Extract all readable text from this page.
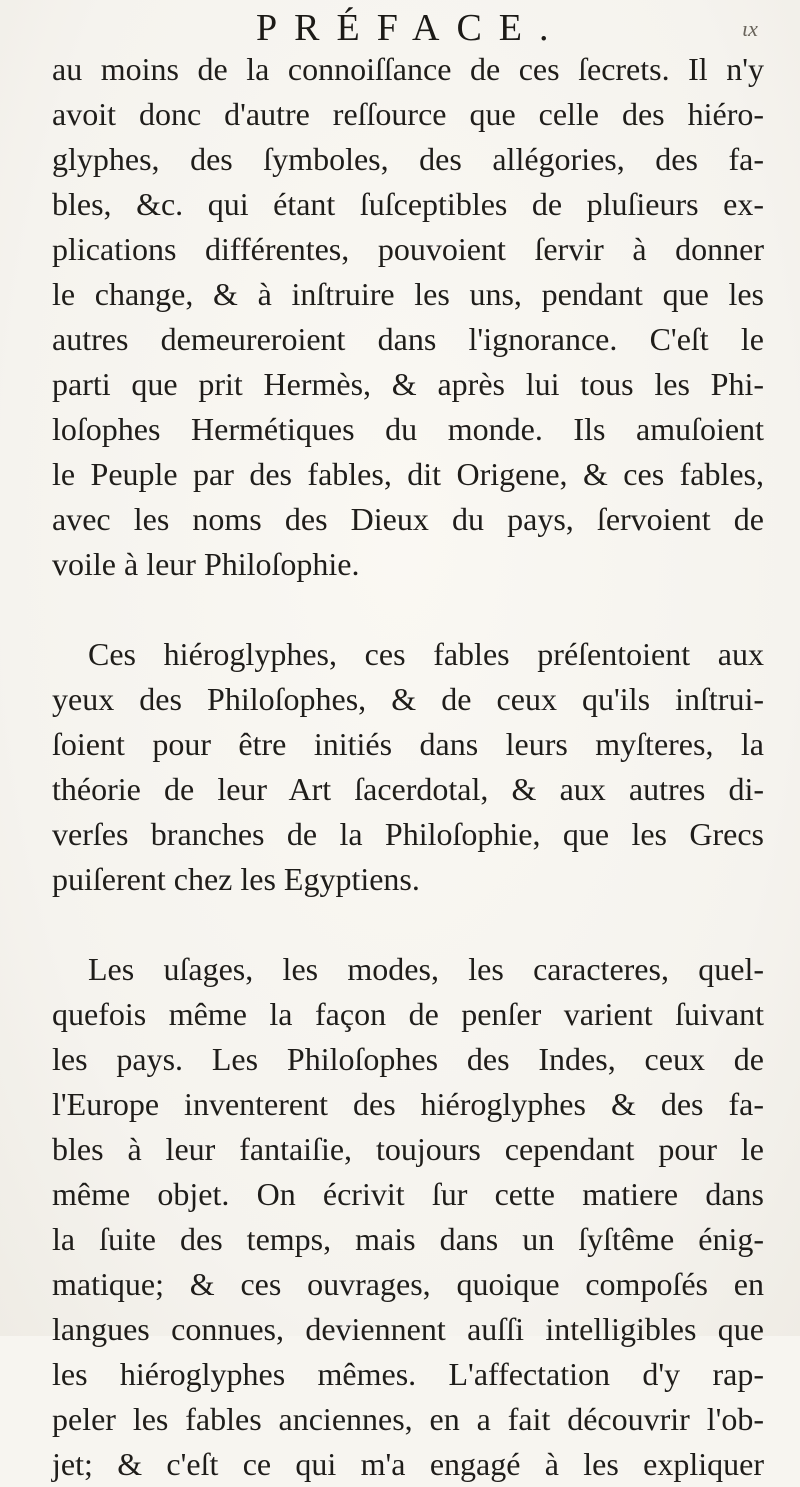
PRÉFACE.	ιx
au moins de la connoiſſance de ces ſecrets. Il n'y
avoit donc d'autre reſſource que celle des hiéro-
glyphes, des ſymboles, des allégories, des fa-
bles, &c. qui étant ſuſceptibles de pluſieurs ex-
plications différentes, pouvoient ſervir à donner
le change, & à inſtruire les uns, pendant que les
autres demeureroient dans l'ignorance. C'eſt le
parti que prit Hermès, & après lui tous les Phi-
loſophes Hermétiques du monde. Ils amuſoient
le Peuple par des fables, dit Origene, & ces fables,
avec les noms des Dieux du pays, ſervoient de
voile à leur Philoſophie.
Ces hiéroglyphes, ces fables préſentoient aux
yeux des Philoſophes, & de ceux qu'ils inſtrui-
ſoient pour être initiés dans leurs myſteres, la
théorie de leur Art ſacerdotal, & aux autres di-
verſes branches de la Philoſophie, que les Grecs
puiſerent chez les Egyptiens.
Les uſages, les modes, les caracteres, quel-
quefois même la façon de penſer varient ſuivant
les pays. Les Philoſophes des Indes, ceux de
l'Europe inventerent des hiéroglyphes & des fa-
bles à leur fantaiſie, toujours cependant pour le
même objet. On écrivit ſur cette matiere dans
la ſuite des temps, mais dans un ſyſtême énig-
matique; & ces ouvrages, quoique compoſés en
langues connues, deviennent auſſi intelligibles que
les hiéroglyphes mêmes. L'affectation d'y rap-
peler les fables anciennes, en a fait découvrir l'ob-
jet; & c'eſt ce qui m'a engagé à les expliquer
